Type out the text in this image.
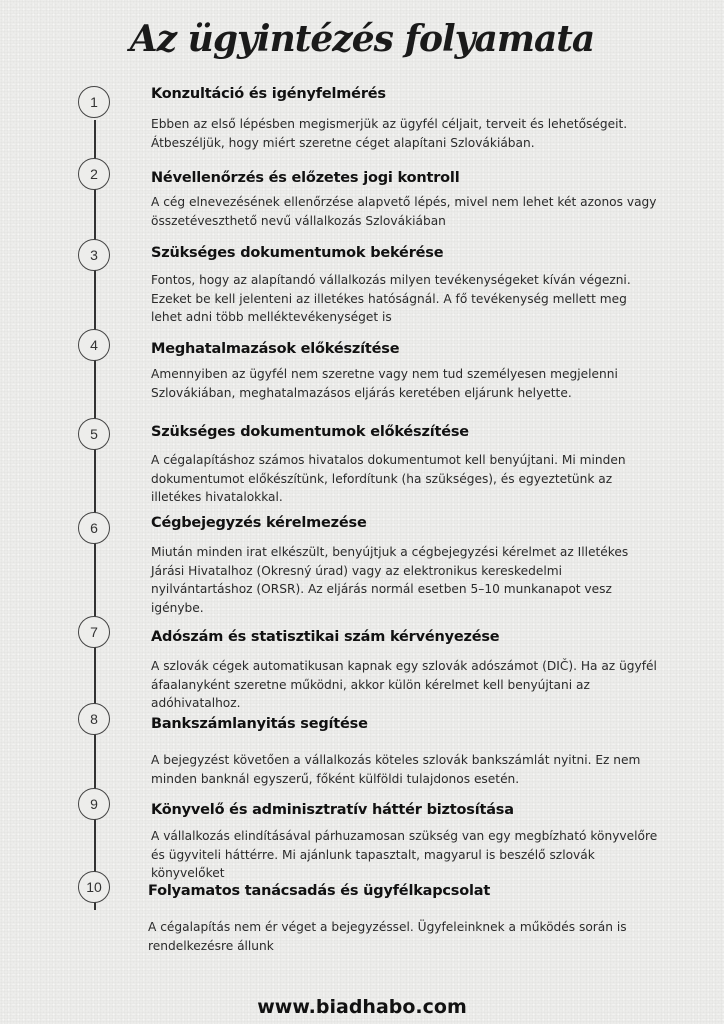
Az ügyintézés folyamata
1	Konzultáció és igényfelmérés

Ebben az első lépésben megismerjük az ügyfél céljait, terveit és lehetőségeit. Átbeszéljük, hogy miért szeretne céget alapítani Szlovákiában.

2	Névellenőrzés és előzetes jogi kontroll

A cég elnevezésének ellenőrzése alapvető lépés, mivel nem lehet két azonos vagy összetéveszthető nevű vállalkozás Szlovákiában

3	Szükséges dokumentumok bekérése

Fontos, hogy az alapítandó vállalkozás milyen tevékenységeket kíván végezni. Ezeket be kell jelenteni az illetékes hatóságnál. A fő tevékenység mellett meg lehet adni több melléktevékenységet is

4	Meghatalmazások előkészítése

Amennyiben az ügyfél nem szeretne vagy nem tud személyesen megjelenni Szlovákiában, meghatalmazásos eljárás keretében eljárunk helyette.

5	Szükséges dokumentumok előkészítése

A cégalapításhoz számos hivatalos dokumentumot kell benyújtani. Mi minden dokumentumot előkészítünk, lefordítunk (ha szükséges), és egyeztetünk az illetékes hivatalokkal.

6	Cégbejegyzés kérelmezése

Miután minden irat elkészült, benyújtjuk a cégbejegyzési kérelmet az Illetékes Járási Hivatalhoz (Okresný úrad) vagy az elektronikus kereskedelmi nyilvántartáshoz (ORSR). Az eljárás normál esetben 5–10 munkanapot vesz igénybe.

7	Adószám és statisztikai szám kérvényezése

A szlovák cégek automatikusan kapnak egy szlovák adószámot (DIČ). Ha az ügyfél áfaalanyként szeretne működni, akkor külön kérelmet kell benyújtani az adóhivatalhoz.

8	Bankszámlanyitás segítése

A bejegyzést követően a vállalkozás köteles szlovák bankszámlát nyitni. Ez nem minden banknál egyszerű, főként külföldi tulajdonos esetén.

9	Könyvelő és adminisztratív háttér biztosítása

A vállalkozás elindításával párhuzamosan szükség van egy megbízható könyvelőre és ügyviteli háttérre. Mi ajánlunk tapasztalt, magyarul is beszélő szlovák könyvelőket

10	Folyamatos tanácsadás és ügyfélkapcsolat

A cégalapítás nem ér véget a bejegyzéssel. Ügyfeleinknek a működés során is rendelkezésre állunk

www.biadhabo.com
